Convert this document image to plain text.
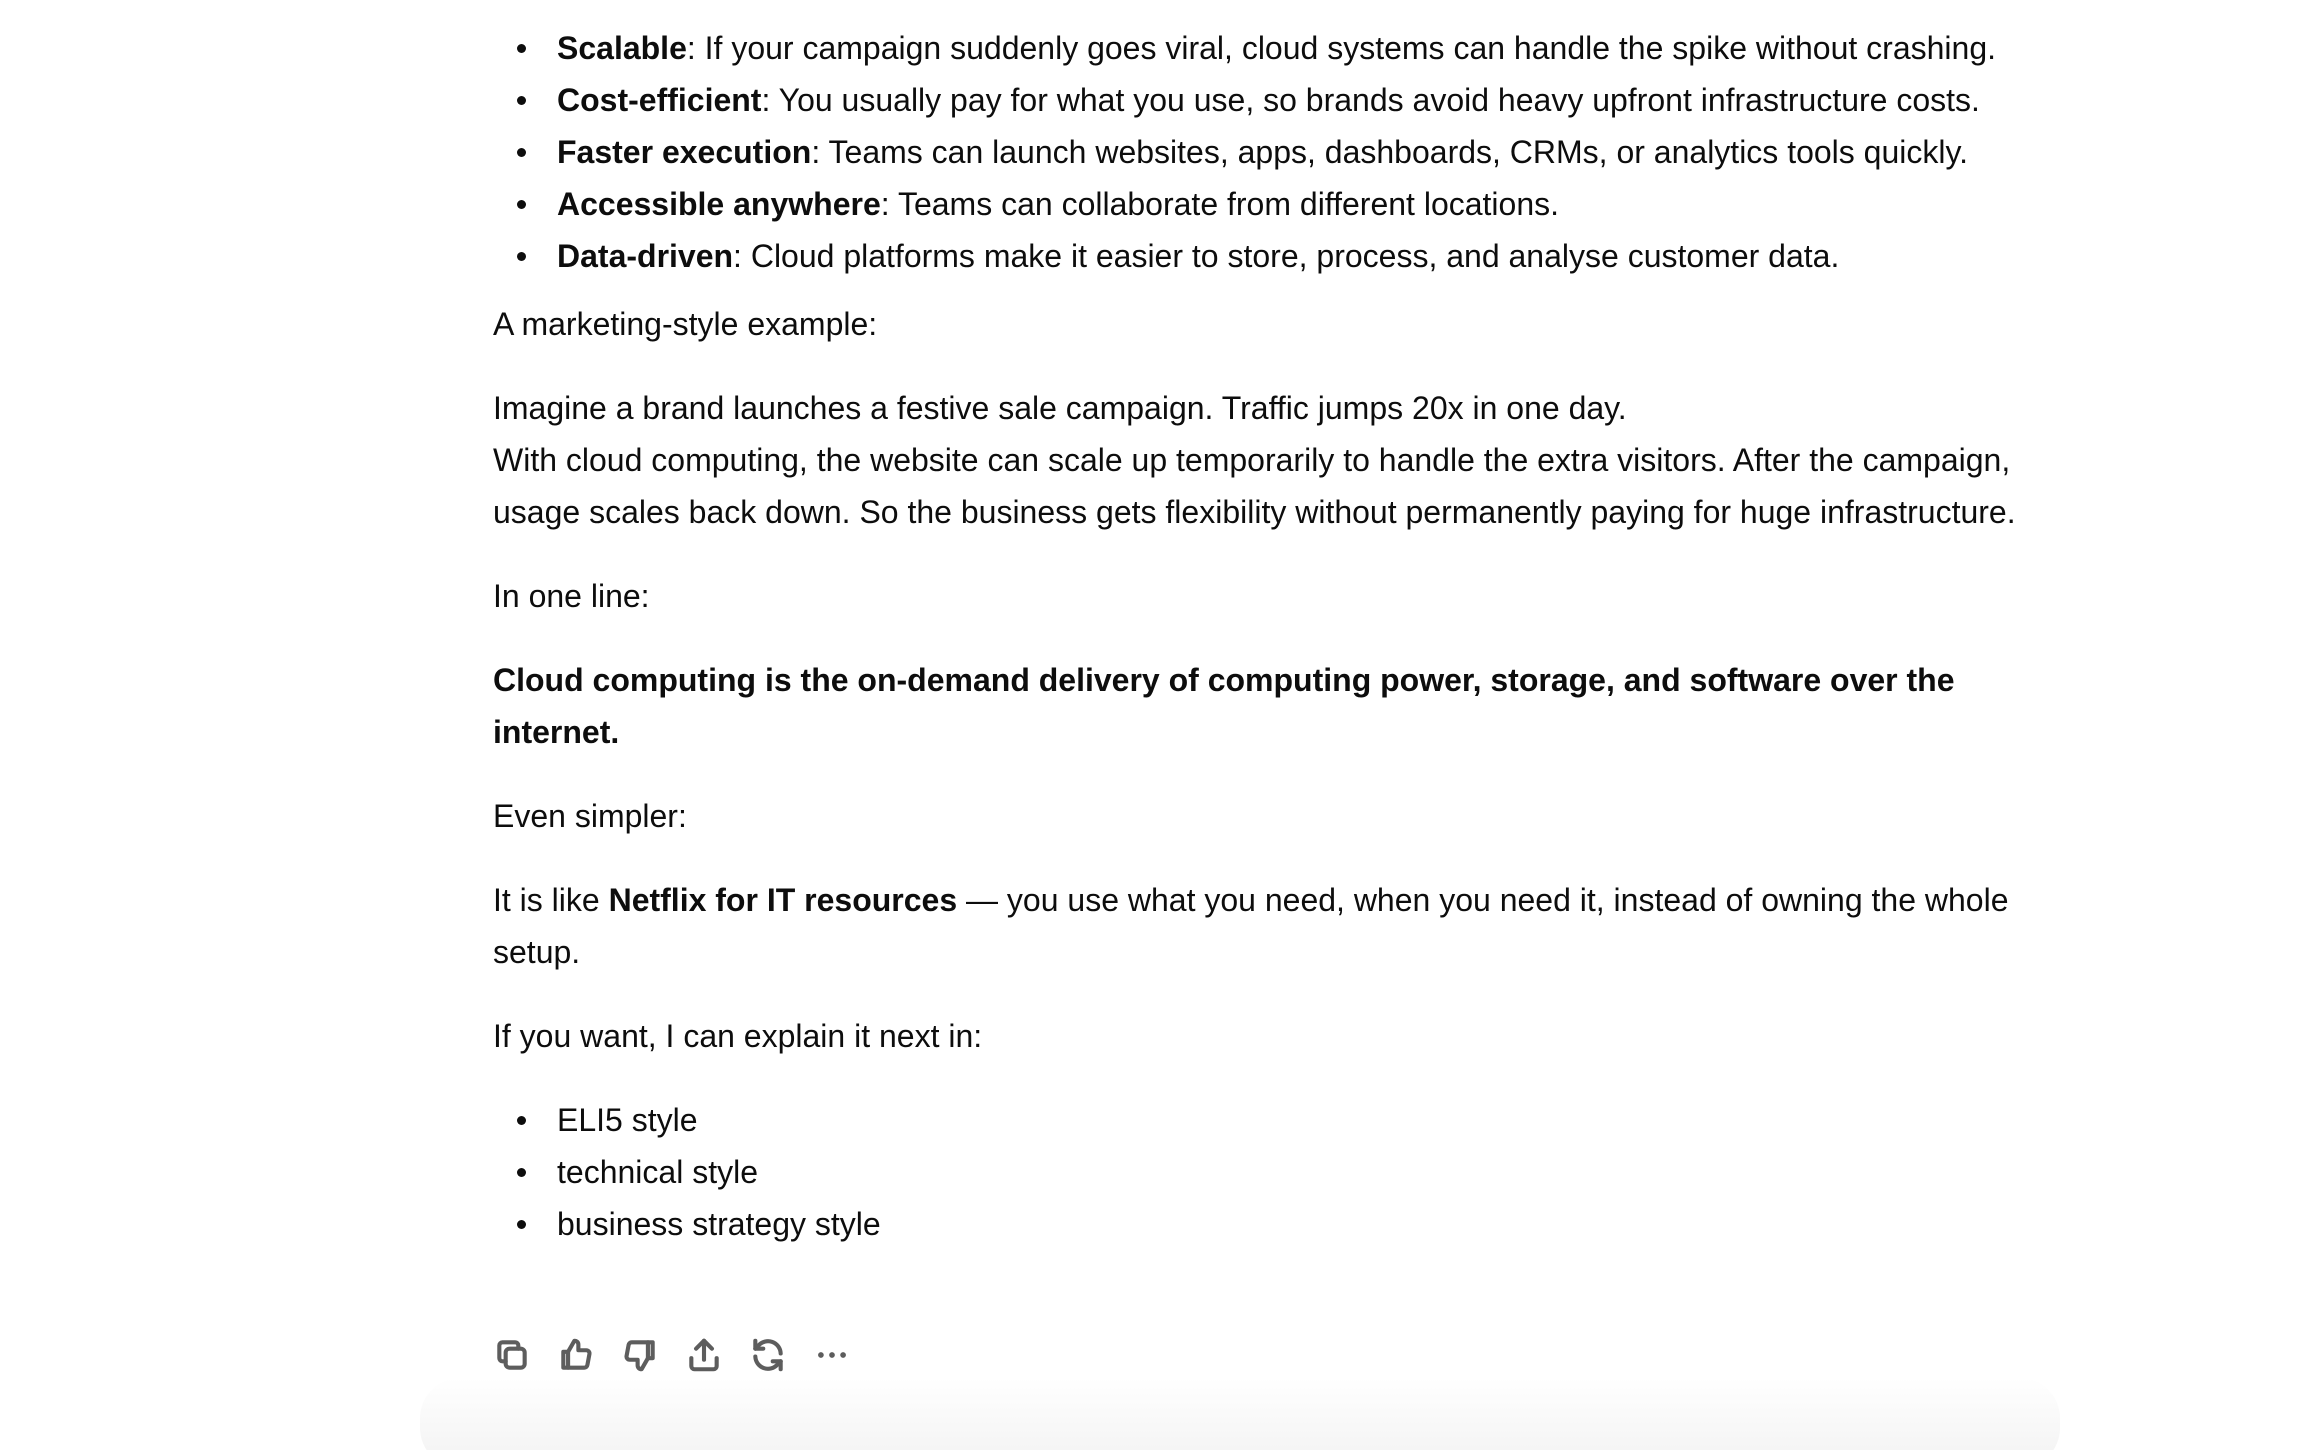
Scalable: If your campaign suddenly goes viral, cloud systems can handle the spike without crashing.
Cost-efficient: You usually pay for what you use, so brands avoid heavy upfront infrastructure costs.
Faster execution: Teams can launch websites, apps, dashboards, CRMs, or analytics tools quickly.
Accessible anywhere: Teams can collaborate from different locations.
Data-driven: Cloud platforms make it easier to store, process, and analyse customer data.

A marketing-style example:

Imagine a brand launches a festive sale campaign. Traffic jumps 20x in one day.
With cloud computing, the website can scale up temporarily to handle the extra visitors. After the campaign, usage scales back down. So the business gets flexibility without permanently paying for huge infrastructure.

In one line:

Cloud computing is the on-demand delivery of computing power, storage, and software over the internet.

Even simpler:

It is like Netflix for IT resources — you use what you need, when you need it, instead of owning the whole setup.

If you want, I can explain it next in:

ELI5 style
technical style
business strategy style
